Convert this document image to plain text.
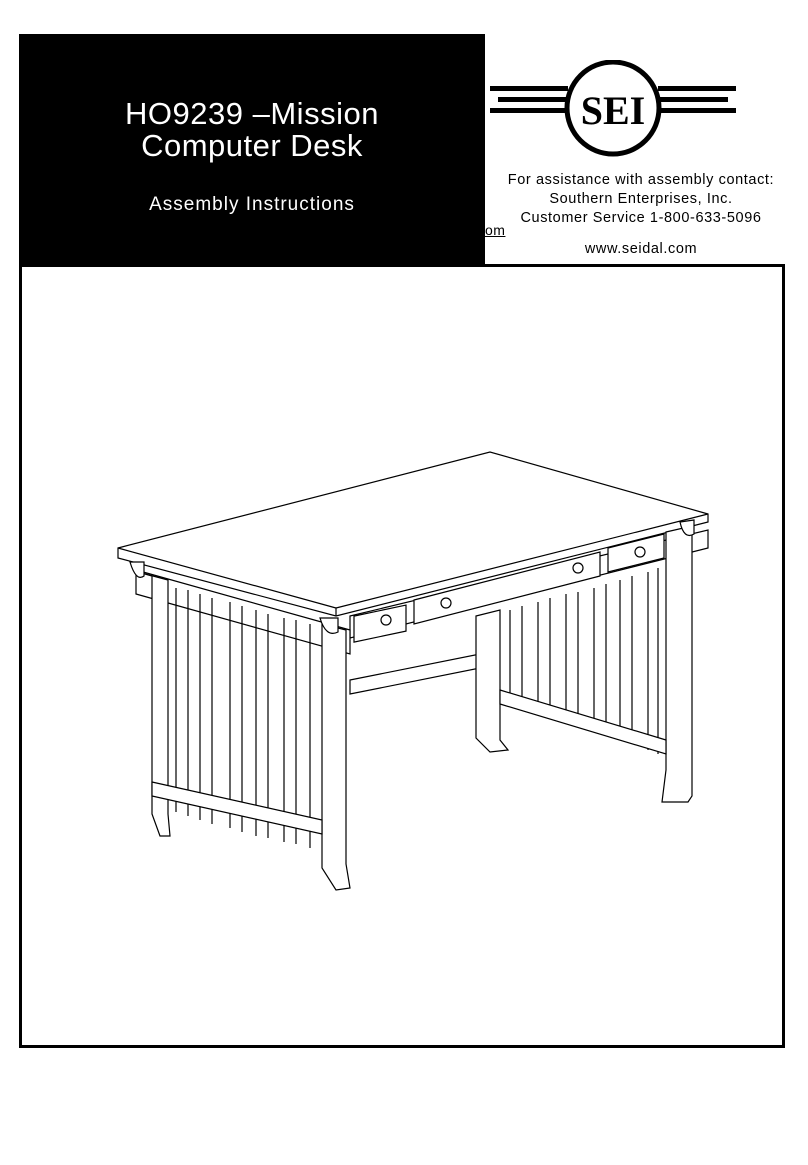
HO9239 –Mission
Computer Desk
Assembly Instructions
SEI
For assistance with assembly contact:
Southern Enterprises, Inc.
Customer Service 1-800-633-5096
om
www.seidal.com
